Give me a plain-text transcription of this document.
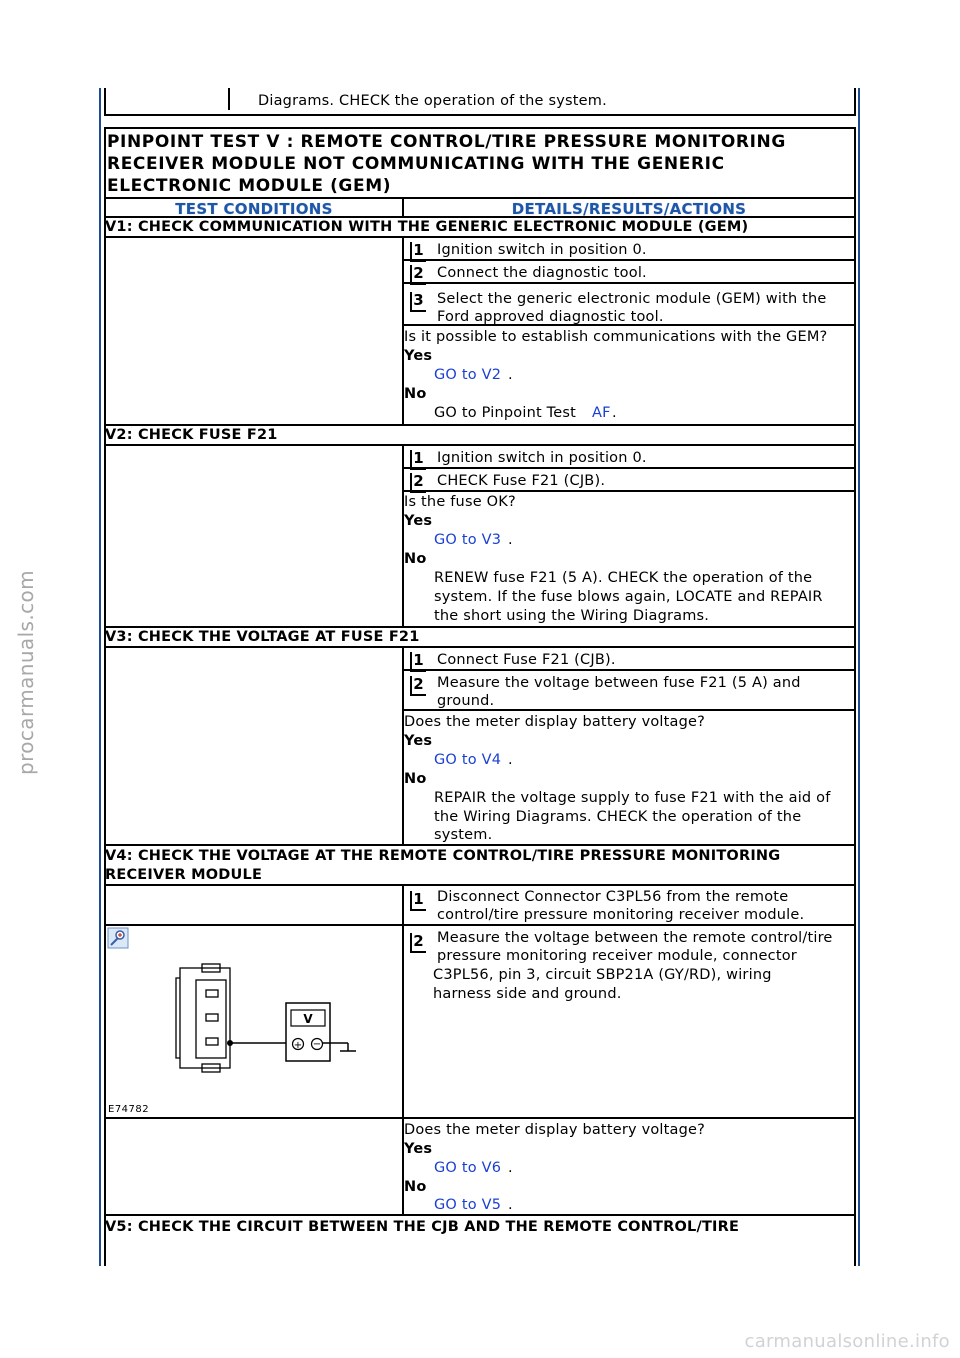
procarmanuals.com
carmanualsonline.info
Diagrams. CHECK the operation of the system.
PINPOINT TEST V : REMOTE CONTROL/TIRE PRESSURE MONITORING
RECEIVER MODULE NOT COMMUNICATING WITH THE GENERIC
ELECTRONIC MODULE (GEM)
TEST CONDITIONS	DETAILS/RESULTS/ACTIONS
V1: CHECK COMMUNICATION WITH THE GENERIC ELECTRONIC MODULE (GEM)
1 Ignition switch in position 0.
2 Connect the diagnostic tool.
3 Select the generic electronic module (GEM) with the
Ford approved diagnostic tool.
Is it possible to establish communications with the GEM?
Yes
GO to V2 .
No
GO to Pinpoint Test AF .
V2: CHECK FUSE F21
1 Ignition switch in position 0.
2 CHECK Fuse F21 (CJB).
Is the fuse OK?
Yes
GO to V3 .
No
RENEW fuse F21 (5 A). CHECK the operation of the
system. If the fuse blows again, LOCATE and REPAIR
the short using the Wiring Diagrams.
V3: CHECK THE VOLTAGE AT FUSE F21
1 Connect Fuse F21 (CJB).
2 Measure the voltage between fuse F21 (5 A) and
ground.
Does the meter display battery voltage?
Yes
GO to V4 .
No
REPAIR the voltage supply to fuse F21 with the aid of
the Wiring Diagrams. CHECK the operation of the
system.
V4: CHECK THE VOLTAGE AT THE REMOTE CONTROL/TIRE PRESSURE MONITORING
RECEIVER MODULE
1 Disconnect Connector C3PL56 from the remote
control/tire pressure monitoring receiver module.
V
+ −
E74782
2 Measure the voltage between the remote control/tire
pressure monitoring receiver module, connector
C3PL56, pin 3, circuit SBP21A (GY/RD), wiring
harness side and ground.
Does the meter display battery voltage?
Yes
GO to V6 .
No
GO to V5 .
V5: CHECK THE CIRCUIT BETWEEN THE CJB AND THE REMOTE CONTROL/TIRE
